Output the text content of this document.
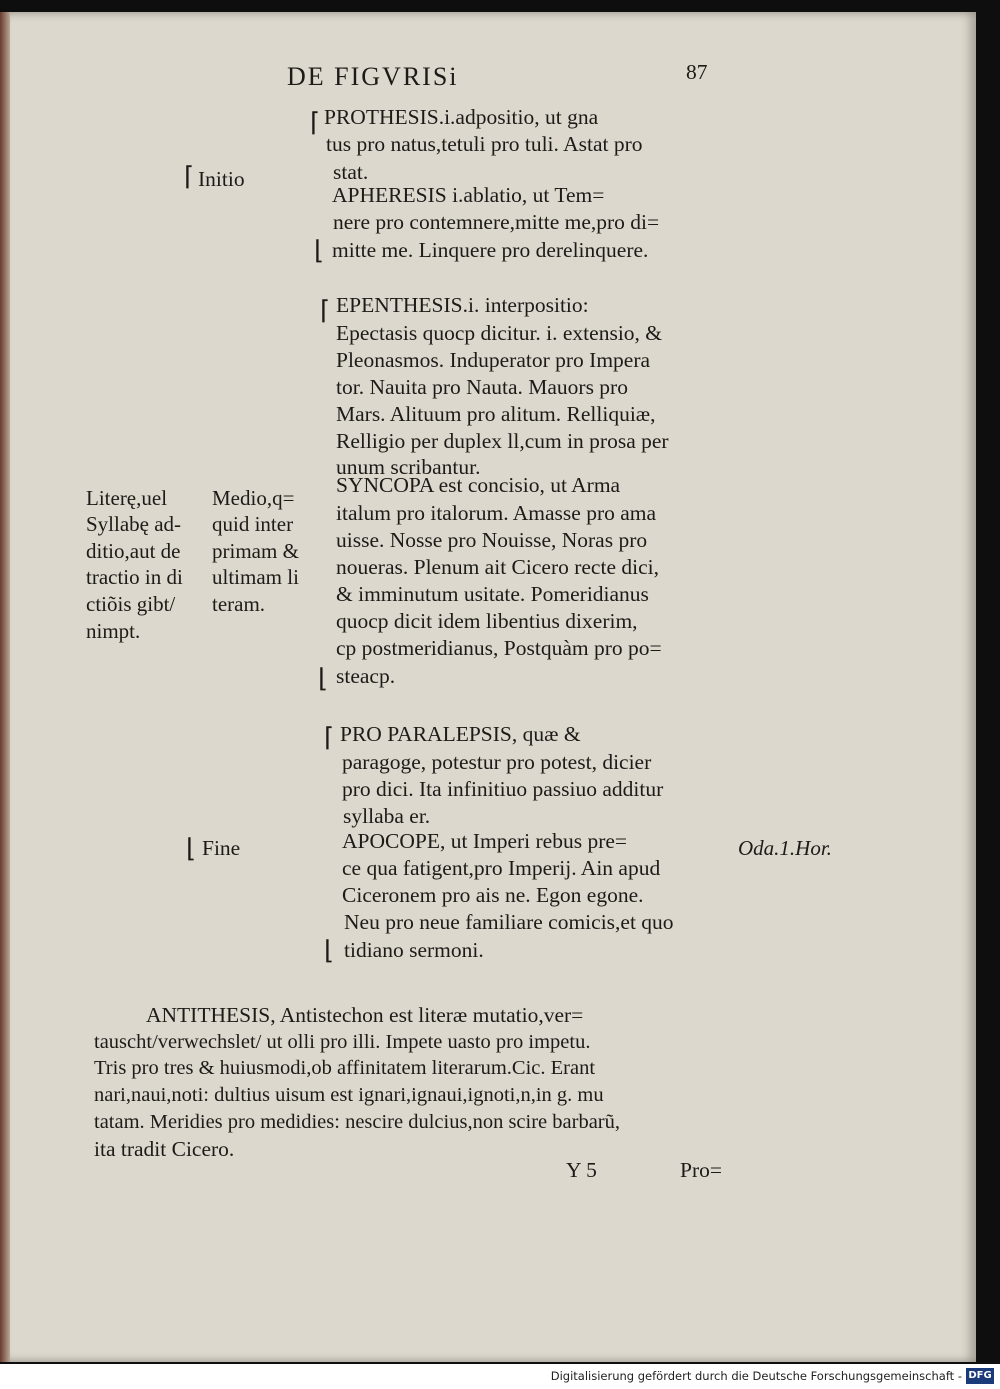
DE FIGVRISi	87
⌈
⌈ Initio
⌊
PROTHESIS.i.adpositio, ut gna
tus pro natus,tetuli pro tuli. Astat pro
stat.
APHERESIS i.ablatio, ut Tem=
nere pro contemnere,mitte me,pro di=
mitte me. Linquere pro derelinquere.
⌈ EPENTHESIS.i. interpositio:
Epectasis quocp dicitur. i. extensio, &
Pleonasmos. Induperator pro Impera
tor. Nauita pro Nauta. Mauors pro
Mars. Alituum pro alitum. Relliquiæ,
Relligio per duplex ll,cum in prosa per
unum scribantur.
Literę,uel
Syllabę ad-
ditio,aut de
tractio in di
ctiõis gibt/
nimpt.
Medio,q=
quid inter
primam &
ultimam li
teram.
SYNCOPA est concisio, ut Arma
italum pro italorum. Amasse pro ama
uisse. Nosse pro Nouisse, Noras pro
noueras. Plenum ait Cicero recte dici,
& imminutum usitate. Pomeridianus
quocp dicit idem libentius dixerim,
cp postmeridianus, Postquàm pro po=
⌊ steacp.
⌈ PRO PARALEPSIS, quæ &
paragoge, potestur pro potest, dicier
pro dici. Ita infinitiuo passiuo additur
syllaba er.
⌊ Fine	APOCOPE, ut Imperi rebus pre=
ce qua fatigent,pro Imperij. Ain apud
Ciceronem pro ais ne. Egon egone.
Neu pro neue familiare comicis,et quo
⌊ tidiano sermoni.
Oda.1.Hor.
ANTITHESIS, Antistechon est literæ mutatio,ver=
tauscht/verwechslet/ ut olli pro illi. Impete uasto pro impetu.
Tris pro tres & huiusmodi,ob affinitatem literarum.Cic. Erant
nari,naui,noti: dultius uisum est ignari,ignaui,ignoti,n,in g. mu
tatam. Meridies pro medidies: nescire dulcius,non scire barbarũ,
ita tradit Cicero.
Y 5	Pro=
Digitalisierung gefördert durch die Deutsche Forschungsgemeinschaft - DFG
